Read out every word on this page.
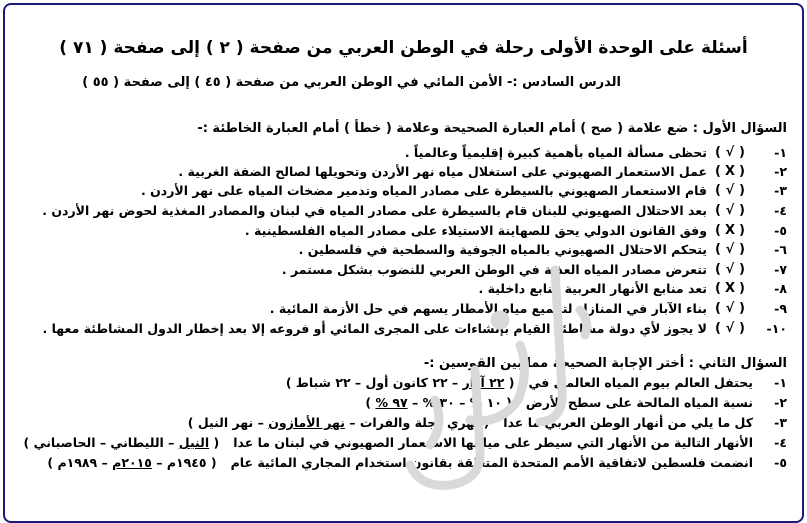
أسئلة على الوحدة الأولى رحلة في الوطن العربي من صفحة ( ٢ ) إلى صفحة ( ٧١ )
الدرس السادس :- الأمن المائي في الوطن العربي من صفحة ( ٤٥ ) إلى صفحة ( ٥٥ )
السؤال الأول : ضع علامة ( صح ) أمام العبارة الصحيحة وعلامة ( خطأ ) أمام العبارة الخاطئة :-
١-
(√)
تحظى مسألة المياه بأهمية كبيرة إقليمياً وعالمياً .
٢-
(X)
عمل الاستعمار الصهيوني على استغلال مياه نهر الأردن وتحويلها لصالح الضفة الغربية .
٣-
(√)
قام الاستعمار الصهيوني بالسيطرة على مصادر المياه وتدمير مضخات المياه على نهر الأردن .
٤-
(√)
بعد الاحتلال الصهيوني للبنان قام بالسيطرة على مصادر المياه في لبنان والمصادر المغذية لحوض نهر الأردن .
٥-
(X)
وفق القانون الدولي يحق للصهاينة الاستيلاء على مصادر المياه الفلسطينية .
٦-
(√)
يتحكم الاحتلال الصهيوني بالمياه الجوفية والسطحية في فلسطين .
٧-
(√)
تتعرض مصادر المياه العذبة في الوطن العربي للنضوب بشكل مستمر .
٨-
(X)
تعد منابع الأنهار العربية منابع داخلية .
٩-
(√)
بناء الآبار في المنازل لتجميع مياه الأمطار يسهم في حل الأزمة المائية .
١٠-
(√)
لا يجوز لأي دولة مشاطئة القيام بإنشاءات على المجرى المائي أو فروعه إلا بعد إخطار الدول المشاطئة معها .
السؤال الثاني : أختر الإجابة الصحيحة مما بين القوسين :-
١-يحتفل العالم بيوم المياه العالمي في( ٢٢ آذار – ٢٢ كانون أول – ٢٢ شباط )
٢-نسبة المياه المالحة على سطح الأرض( ١٠ % – ٣٠ % – ٩٧ % )
٣-كل ما يلي من أنهار الوطن العربي ما عدا( نهري دجلة والفرات – نهر الأمازون – نهر النيل )
٤-الأنهار التالية من الأنهار التي سيطر على مياهها الاستعمار الصهيوني في لبنان ما عدا( النيل – الليطاني – الحاصباني )
٥-انضمت فلسطين لاتفاقية الأمم المتحدة المتعلقة بقانون استخدام المجاري المائية عام( ١٩٤٥م – ٢٠١٥م – ١٩٨٩م )
